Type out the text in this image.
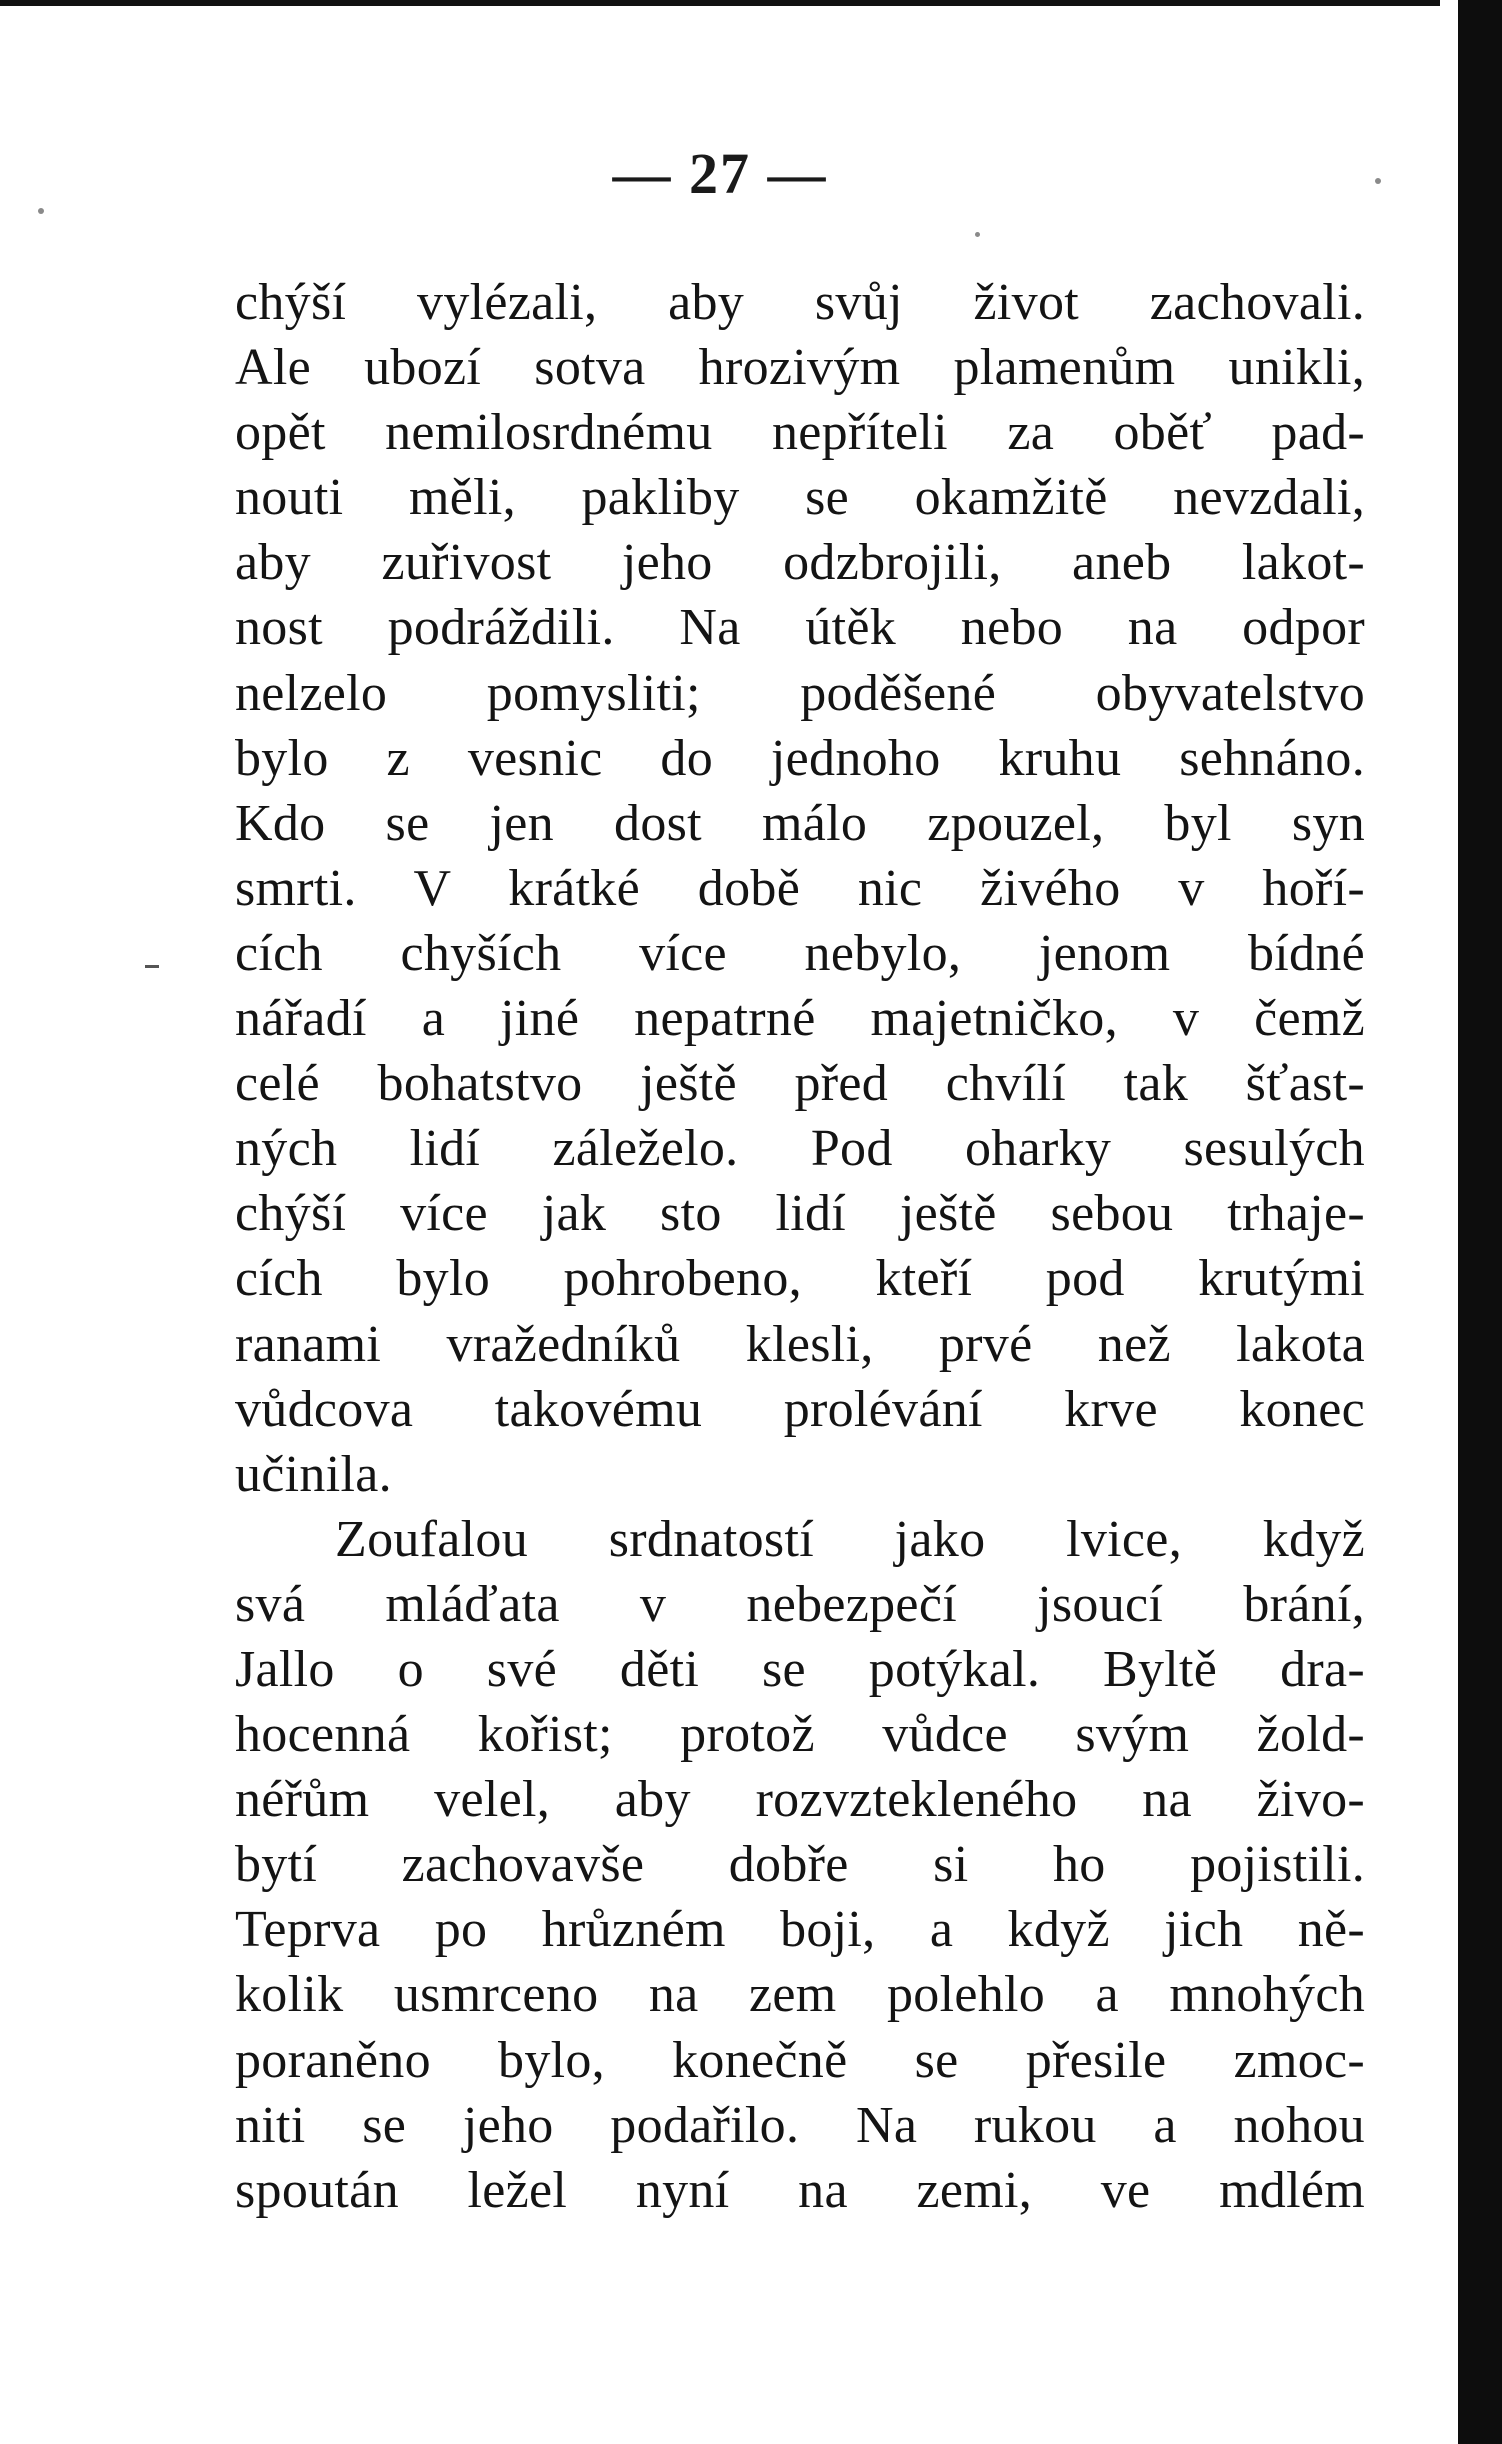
— 27 —
chýší vylézali, aby svůj život zachovali.
Ale ubozí sotva hrozivým plamenům unikli,
opět nemilosrdnému nepříteli za oběť pad-
nouti měli, pakliby se okamžitě nevzdali,
aby zuřivost jeho odzbrojili, aneb lakot-
nost podráždili. Na útěk nebo na odpor
nelzelo pomysliti; poděšené obyvatelstvo
bylo z vesnic do jednoho kruhu sehnáno.
Kdo se jen dost málo zpouzel, byl syn
smrti. V krátké době nic živého v hoří-
cích chyších více nebylo, jenom bídné
nářadí a jiné nepatrné majetničko, v čemž
celé bohatstvo ještě před chvílí tak šťast-
ných lidí záleželo. Pod oharky sesulých
chýší více jak sto lidí ještě sebou trhaje-
cích bylo pohrobeno, kteří pod krutými
ranami vražedníků klesli, prvé než lakota
vůdcova takovému prolévání krve konec
učinila.
Zoufalou srdnatostí jako lvice, když
svá mláďata v nebezpečí jsoucí brání,
Jallo o své děti se potýkal. Byltě dra-
hocenná kořist; protož vůdce svým žold-
néřům velel, aby rozvztekleného na živo-
bytí zachovavše dobře si ho pojistili.
Teprva po hrůzném boji, a když jich ně-
kolik usmrceno na zem polehlo a mnohých
poraněno bylo, konečně se přesile zmoc-
niti se jeho podařilo. Na rukou a nohou
spoután ležel nyní na zemi, ve mdlém
